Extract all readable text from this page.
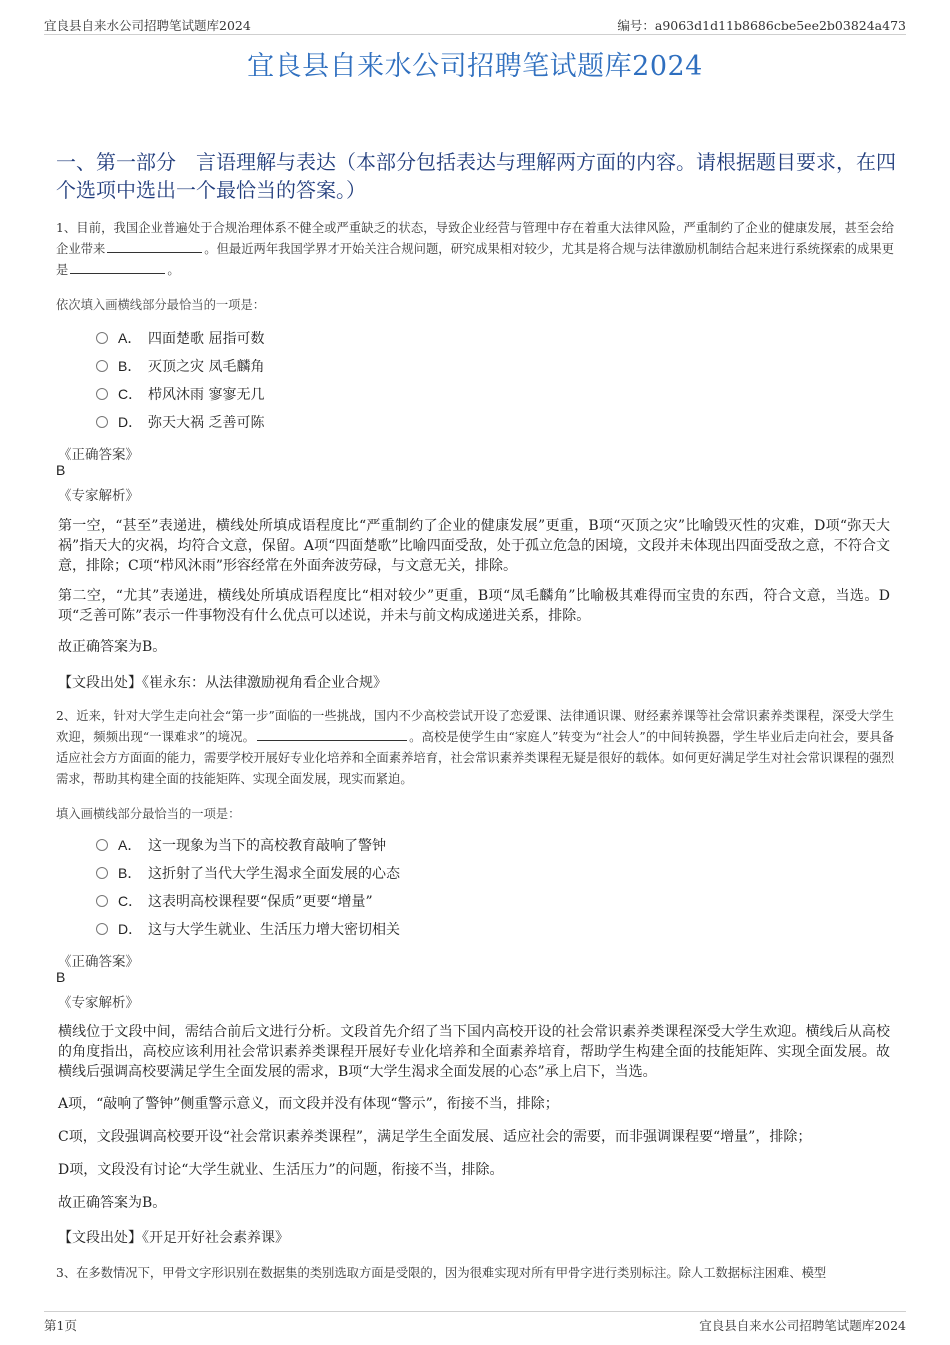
宜良县自来水公司招聘笔试题库2024	编号：a9063d1d11b8686cbe5ee2b03824a473
宜良县自来水公司招聘笔试题库2024
一、第一部分　言语理解与表达（本部分包括表达与理解两方面的内容。请根据题目要求，在四个选项中选出一个最恰当的答案。）
1、目前，我国企业普遍处于合规治理体系不健全或严重缺乏的状态，导致企业经营与管理中存在着重大法律风险，严重制约了企业的健康发展，甚至会给企业带来	。但最近两年我国学界才开始关注合规问题，研究成果相对较少，尤其是将合规与法律激励机制结合起来进行系统探索的成果更是	。
依次填入画横线部分最恰当的一项是：
A． 四面楚歌 屈指可数
B． 灭顶之灾 凤毛麟角
C． 栉风沐雨 寥寥无几
D． 弥天大祸 乏善可陈
《正确答案》
B
《专家解析》
第一空，“甚至”表递进，横线处所填成语程度比“严重制约了企业的健康发展”更重，B项“灭顶之灾”比喻毁灭性的灾难，D项“弥天大祸”指天大的灾祸，均符合文意，保留。A项“四面楚歌”比喻四面受敌，处于孤立危急的困境，文段并未体现出四面受敌之意，不符合文意，排除；C项“栉风沐雨”形容经常在外面奔波劳碌，与文意无关，排除。
第二空，“尤其”表递进，横线处所填成语程度比“相对较少”更重，B项“凤毛麟角”比喻极其难得而宝贵的东西，符合文意，当选。D项“乏善可陈”表示一件事物没有什么优点可以述说，并未与前文构成递进关系，排除。
故正确答案为B。
【文段出处】《崔永东：从法律激励视角看企业合规》
2、近来，针对大学生走向社会“第一步”面临的一些挑战，国内不少高校尝试开设了恋爱课、法律通识课、财经素养课等社会常识素养类课程，深受大学生欢迎，频频出现“一课难求”的境况。	。高校是使学生由“家庭人”转变为“社会人”的中间转换器，学生毕业后走向社会，要具备适应社会方方面面的能力，需要学校开展好专业化培养和全面素养培育，社会常识素养类课程无疑是很好的载体。如何更好满足学生对社会常识课程的强烈需求，帮助其构建全面的技能矩阵、实现全面发展，现实而紧迫。
填入画横线部分最恰当的一项是：
A． 这一现象为当下的高校教育敲响了警钟
B． 这折射了当代大学生渴求全面发展的心态
C． 这表明高校课程要“保质”更要“增量”
D． 这与大学生就业、生活压力增大密切相关
《正确答案》
B
《专家解析》
横线位于文段中间，需结合前后文进行分析。文段首先介绍了当下国内高校开设的社会常识素养类课程深受大学生欢迎。横线后从高校的角度指出，高校应该利用社会常识素养类课程开展好专业化培养和全面素养培育，帮助学生构建全面的技能矩阵、实现全面发展。故横线后强调高校要满足学生全面发展的需求，B项“大学生渴求全面发展的心态”承上启下，当选。
A项，“敲响了警钟”侧重警示意义，而文段并没有体现“警示”，衔接不当，排除；
C项，文段强调高校要开设“社会常识素养类课程”，满足学生全面发展、适应社会的需要，而非强调课程要“增量”，排除；
D项，文段没有讨论“大学生就业、生活压力”的问题，衔接不当，排除。
故正确答案为B。
【文段出处】《开足开好社会素养课》
3、在多数情况下，甲骨文字形识别在数据集的类别选取方面是受限的，因为很难实现对所有甲骨字进行类别标注。除人工数据标注困难、模型
第1页	宜良县自来水公司招聘笔试题库2024
